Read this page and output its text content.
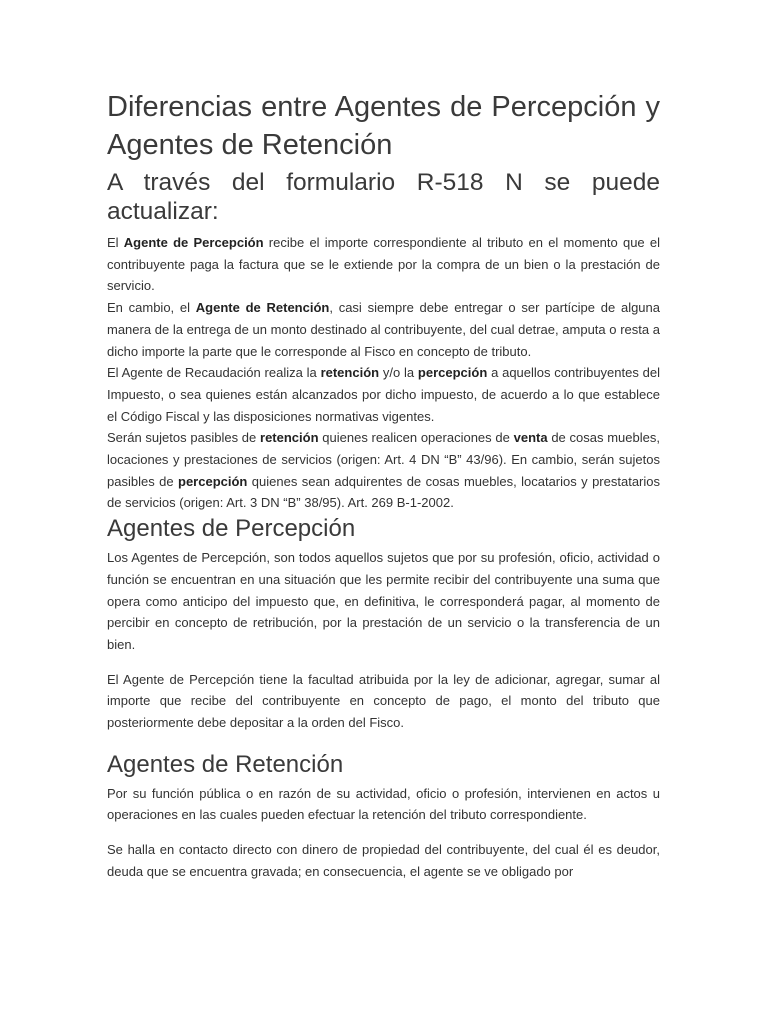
Diferencias entre Agentes de Percepción y Agentes de Retención
A través del formulario R-518 N se puede actualizar:

El Agente de Percepción recibe el importe correspondiente al tributo en el momento que el contribuyente paga la factura que se le extiende por la compra de un bien o la prestación de servicio.

En cambio, el Agente de Retención, casi siempre debe entregar o ser partícipe de alguna manera de la entrega de un monto destinado al contribuyente, del cual detrae, amputa o resta a dicho importe la parte que le corresponde al Fisco en concepto de tributo.

El Agente de Recaudación realiza la retención y/o la percepción a aquellos contribuyentes del Impuesto, o sea quienes están alcanzados por dicho impuesto, de acuerdo a lo que establece el Código Fiscal y las disposiciones normativas vigentes.

Serán sujetos pasibles de retención quienes realicen operaciones de venta de cosas muebles, locaciones y prestaciones de servicios (origen: Art. 4 DN “B” 43/96). En cambio, serán sujetos pasibles de percepción quienes sean adquirentes de cosas muebles, locatarios y prestatarios de servicios (origen: Art. 3 DN “B” 38/95). Art. 269 B-1-2002.

Agentes de Percepción

Los Agentes de Percepción, son todos aquellos sujetos que por su profesión, oficio, actividad o función se encuentran en una situación que les permite recibir del contribuyente una suma que opera como anticipo del impuesto que, en definitiva, le corresponderá pagar, al momento de percibir en concepto de retribución, por la prestación de un servicio o la transferencia de un bien.

El Agente de Percepción tiene la facultad atribuida por la ley de adicionar, agregar, sumar al importe que recibe del contribuyente en concepto de pago, el monto del tributo que posteriormente debe depositar a la orden del Fisco.

Agentes de Retención

Por su función pública o en razón de su actividad, oficio o profesión, intervienen en actos u operaciones en las cuales pueden efectuar la retención del tributo correspondiente.

Se halla en contacto directo con dinero de propiedad del contribuyente, del cual él es deudor, deuda que se encuentra gravada; en consecuencia, el agente se ve obligado por
